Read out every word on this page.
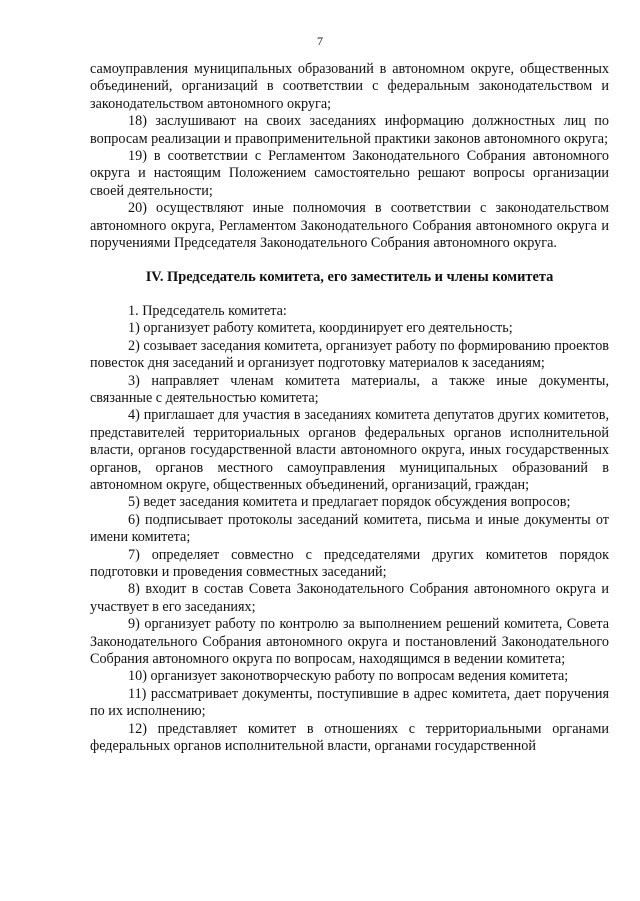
7

самоуправления муниципальных образований в автономном округе, общественных объединений, организаций в соответствии с федеральным законодательством и законодательством автономного округа;

18) заслушивают на своих заседаниях информацию должностных лиц по вопросам реализации и правоприменительной практики законов автономного округа;

19) в соответствии с Регламентом Законодательного Собрания автономного округа и настоящим Положением самостоятельно решают вопросы организации своей деятельности;

20) осуществляют иные полномочия в соответствии с законодательством автономного округа, Регламентом Законодательного Собрания автономного округа и поручениями Председателя Законодательного Собрания автономного округа.

IV. Председатель комитета, его заместитель и члены комитета

1. Председатель комитета:

1) организует работу комитета, координирует его деятельность;

2) созывает заседания комитета, организует работу по формированию проектов повесток дня заседаний и организует подготовку материалов к заседаниям;

3) направляет членам комитета материалы, а также иные документы, связанные с деятельностью комитета;

4) приглашает для участия в заседаниях комитета депутатов других комитетов, представителей территориальных органов федеральных органов исполнительной власти, органов государственной власти автономного округа, иных государственных органов, органов местного самоуправления муниципальных образований в автономном округе, общественных объединений, организаций, граждан;

5) ведет заседания комитета и предлагает порядок обсуждения вопросов;

6) подписывает протоколы заседаний комитета, письма и иные документы от имени комитета;

7) определяет совместно с председателями других комитетов порядок подготовки и проведения совместных заседаний;

8) входит в состав Совета Законодательного Собрания автономного округа и участвует в его заседаниях;

9) организует работу по контролю за выполнением решений комитета, Совета Законодательного Собрания автономного округа и постановлений Законодательного Собрания автономного округа по вопросам, находящимся в ведении комитета;

10) организует законотворческую работу по вопросам ведения комитета;

11) рассматривает документы, поступившие в адрес комитета, дает поручения по их исполнению;

12) представляет комитет в отношениях с территориальными органами федеральных органов исполнительной власти, органами государственной
